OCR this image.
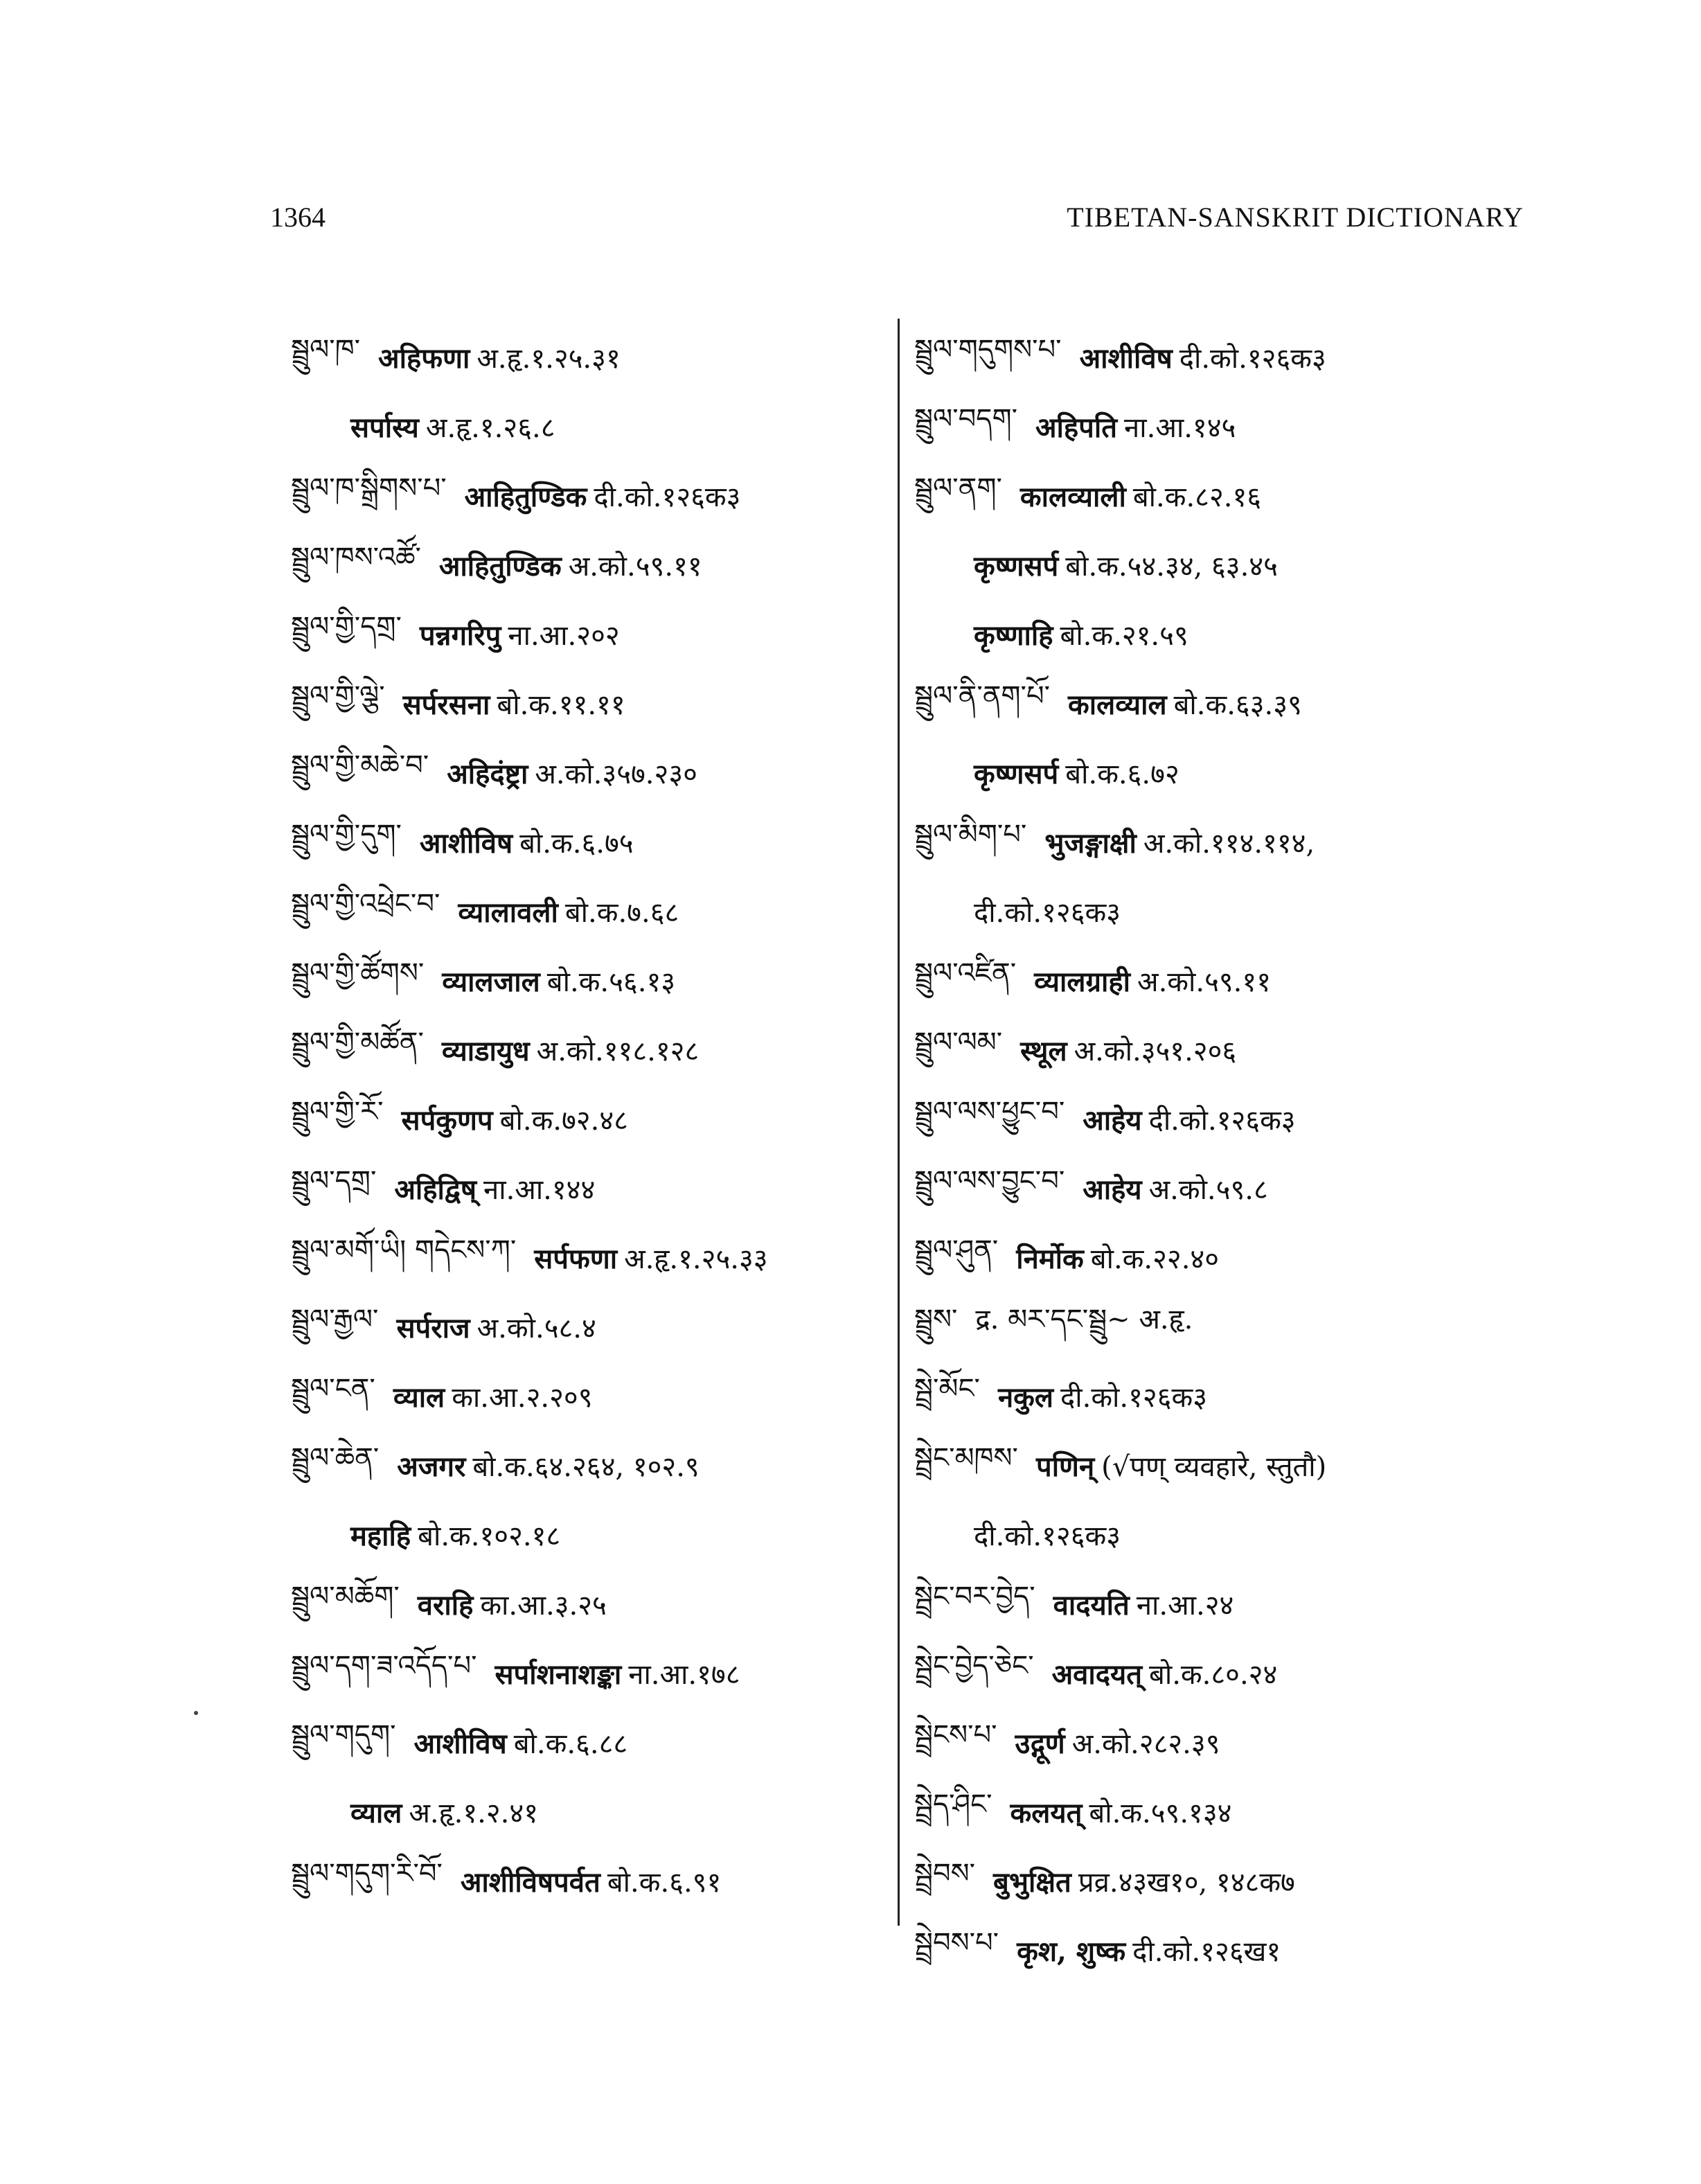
1364	TIBETAN-SANSKRIT DICTIONARY
སྦྲུལ་ཁ་ अहिफणा अ.हृ.१.२५.३१
सर्पास्य अ.हृ.१.२६.८
སྦྲུལ་ཁ་སྒྲིགས་པ་ आहितुण्डिक दी.को.१२६क३
སྦྲུལ་ཁས་འཚོ་ आहितुण्डिक अ.को.५९.११
སྦྲུལ་གྱི་དགྲ་ पन्नगरिपु ना.आ.२०२
སྦྲུལ་གྱི་ལྕེ་ सर्परसना बो.क.११.११
སྦྲུལ་གྱི་མཆེ་བ་ अहिदंष्ट्रा अ.को.३५७.२३०
སྦྲུལ་གྱི་དུག་ आशीविष बो.क.६.७५
སྦྲུལ་གྱི་འཕྲེང་བ་ व्यालावली बो.क.७.६८
སྦྲུལ་གྱི་ཚོགས་ व्यालजाल बो.क.५६.१३
སྦྲུལ་གྱི་མཚོན་ व्याडायुध अ.को.११८.१२८
སྦྲུལ་གྱི་རོ་ सर्पकुणप बो.क.७२.४८
སྦྲུལ་དགྲ་ अहिद्विष् ना.आ.१४४
སྦྲུལ་མགོ་ཡི། གདེངས་ཀ་ सर्पफणा अ.हृ.१.२५.३३
སྦྲུལ་རྒྱལ་ सर्पराज अ.को.५८.४
སྦྲུལ་ངན་ व्याल का.आ.२.२०९
སྦྲུལ་ཆེན་ अजगर बो.क.६४.२६४, १०२.९
महाहि बो.क.१०२.१८
སྦྲུལ་མཆོག་ वराहि का.आ.३.२५
སྦྲུལ་དག་ཟ་འདོད་པ་ सर्पाशनाशङ्का ना.आ.१७८
སྦྲུལ་གདུག་ आशीविष बो.क.६.८८
व्याल अ.हृ.१.२.४१
སྦྲུལ་གདུག་རི་བོ་ आशीविषपर्वत बो.क.६.९१
སྦྲུལ་གདུགས་པ་ आशीविष दी.को.१२६क३
སྦྲུལ་བདག་ अहिपति ना.आ.१४५
སྦྲུལ་ནག་ कालव्याली बो.क.८२.१६
कृष्णसर्प बो.क.५४.३४, ६३.४५
कृष्णाहि बो.क.२१.५९
སྦྲུལ་ནི་ནག་པོ་ कालव्याल बो.क.६३.३९
कृष्णसर्प बो.क.६.७२
སྦྲུལ་མིག་པ་ भुजङ्गाक्षी अ.को.११४.११४,
दी.को.१२६क३
སྦྲུལ་འཛིན་ व्यालग्राही अ.को.५९.११
སྦྲུལ་ལམ་ स्थूल अ.को.३५१.२०६
སྦྲུལ་ལས་ཕྱུང་བ་ आहेय दी.को.१२६क३
སྦྲུལ་ལས་བྱུང་བ་ आहेय अ.को.५९.८
སྦྲུལ་ཤུན་ निर्मोक बो.क.२२.४०
སྦྲུས་ द्र. མར་དང་སྦྲུ~ अ.हृ.
སྦྲེ་མོང་ नकुल दी.को.१२६क३
སྦྲེང་མཁས་ पणिन् (√पण् व्यवहारे, स्तुतौ)
दी.को.१२६क३
སྦྲེང་བར་བྱེད་ वादयति ना.आ.२४
སྦྲེང་བྱེད་ཅེང་ अवादयत् बो.क.८०.२४
སྦྲེངས་པ་ उद्गूर्ण अ.को.२८२.३९
སྦྲེད་ཤིང་ कलयत् बो.क.५९.१३४
སྦྲེབས་ बुभुक्षित प्रव्र.४३ख१०, १४८क७
སྦྲེབས་པ་ कृश, शुष्क दी.को.१२६ख१
